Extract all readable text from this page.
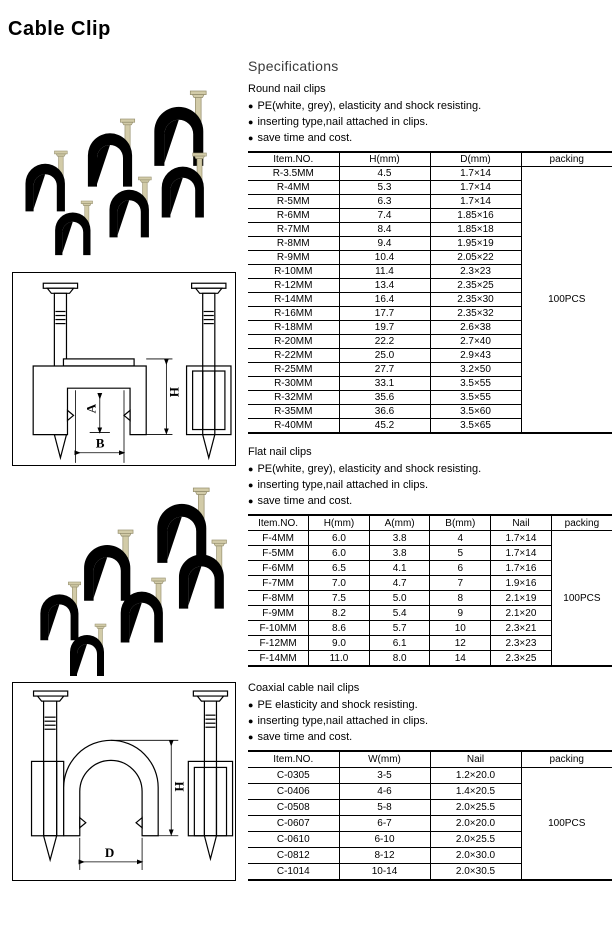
Cable Clip
B
A
H
D
H
Specifications
Round nail clips
● PE(white, grey), elasticity and shock resisting.
● inserting type,nail attached in clips.
● save time and cost.
Item.NO.	H(mm)	D(mm)	packing
R-3.5MM	4.5	1.7×14	100PCS
R-4MM	5.3	1.7×14	
R-5MM	6.3	1.7×14	
R-6MM	7.4	1.85×16	
R-7MM	8.4	1.85×18	
R-8MM	9.4	1.95×19	
R-9MM	10.4	2.05×22	
R-10MM	11.4	2.3×23	
R-12MM	13.4	2.35×25	
R-14MM	16.4	2.35×30	
R-16MM	17.7	2.35×32	
R-18MM	19.7	2.6×38	
R-20MM	22.2	2.7×40	
R-22MM	25.0	2.9×43	
R-25MM	27.7	3.2×50	
R-30MM	33.1	3.5×55	
R-32MM	35.6	3.5×55	
R-35MM	36.6	3.5×60	
R-40MM	45.2	3.5×65	
Flat nail clips
● PE(white, grey), elasticity and shock resisting.
● inserting type,nail attached in clips.
● save time and cost.
Item.NO.	H(mm)	A(mm)	B(mm)	Nail	packing
F-4MM	6.0	3.8	4	1.7×14	100PCS
F-5MM	6.0	3.8	5	1.7×14	
F-6MM	6.5	4.1	6	1.7×16	
F-7MM	7.0	4.7	7	1.9×16	
F-8MM	7.5	5.0	8	2.1×19	
F-9MM	8.2	5.4	9	2.1×20	
F-10MM	8.6	5.7	10	2.3×21	
F-12MM	9.0	6.1	12	2.3×23	
F-14MM	11.0	8.0	14	2.3×25	
Coaxial cable nail clips
● PE elasticity and shock resisting.
● inserting type,nail attached in clips.
● save time and cost.
Item.NO.	W(mm)	Nail	packing
C-0305	3-5	1.2×20.0	100PCS
C-0406	4-6	1.4×20.5	
C-0508	5-8	2.0×25.5	
C-0607	6-7	2.0×20.0	
C-0610	6-10	2.0×25.5	
C-0812	8-12	2.0×30.0	
C-1014	10-14	2.0×30.5	
